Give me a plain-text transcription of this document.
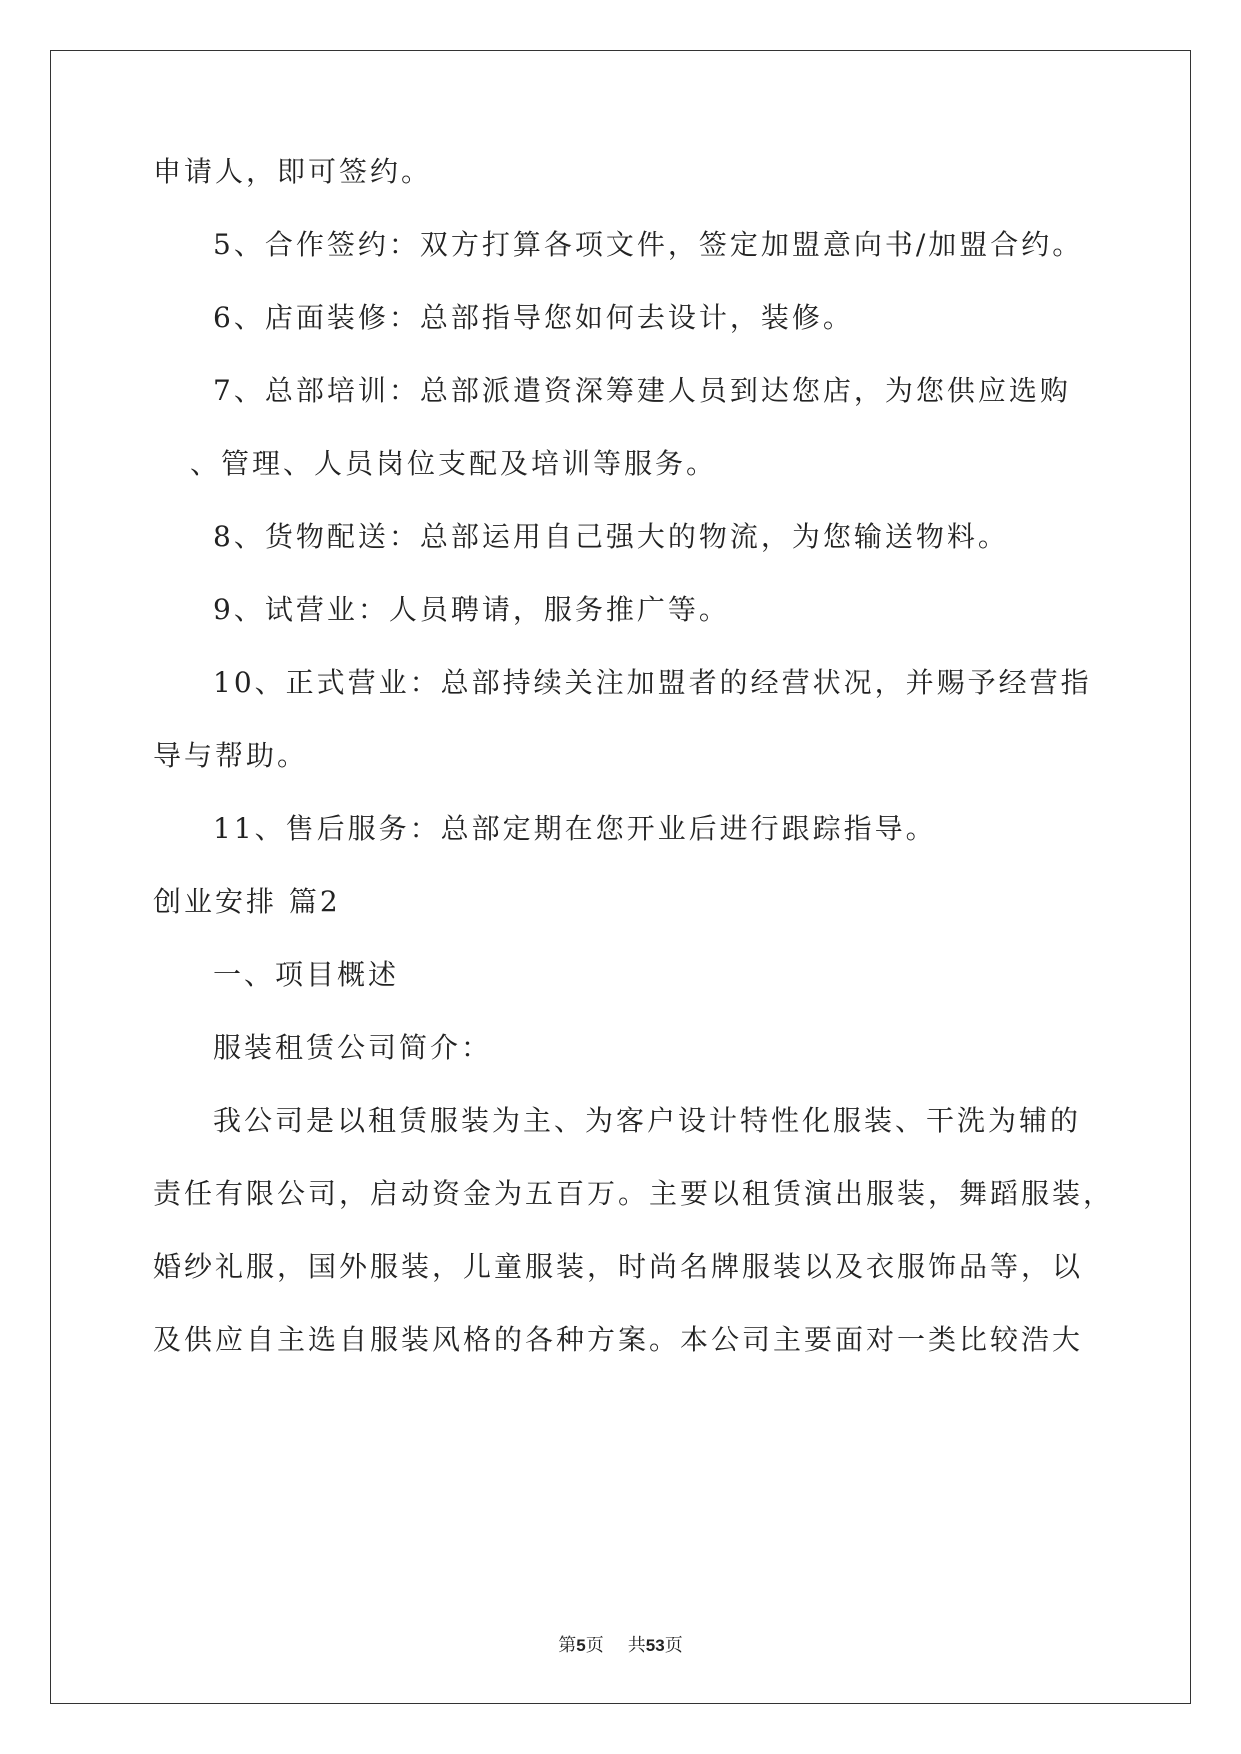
申请人，即可签约。

5、合作签约：双方打算各项文件，签定加盟意向书/加盟合约。

6、店面装修：总部指导您如何去设计，装修。

7、总部培训：总部派遣资深筹建人员到达您店，为您供应选购

、管理、人员岗位支配及培训等服务。

8、货物配送：总部运用自己强大的物流，为您输送物料。

9、试营业：人员聘请，服务推广等。

10、正式营业：总部持续关注加盟者的经营状况，并赐予经营指

导与帮助。

11、售后服务：总部定期在您开业后进行跟踪指导。

创业安排 篇2

一、项目概述

服装租赁公司简介：

我公司是以租赁服装为主、为客户设计特性化服装、干洗为辅的

责任有限公司，启动资金为五百万。主要以租赁演出服装，舞蹈服装，

婚纱礼服，国外服装，儿童服装，时尚名牌服装以及衣服饰品等，以

及供应自主选自服装风格的各种方案。本公司主要面对一类比较浩大

第5页 共53页
